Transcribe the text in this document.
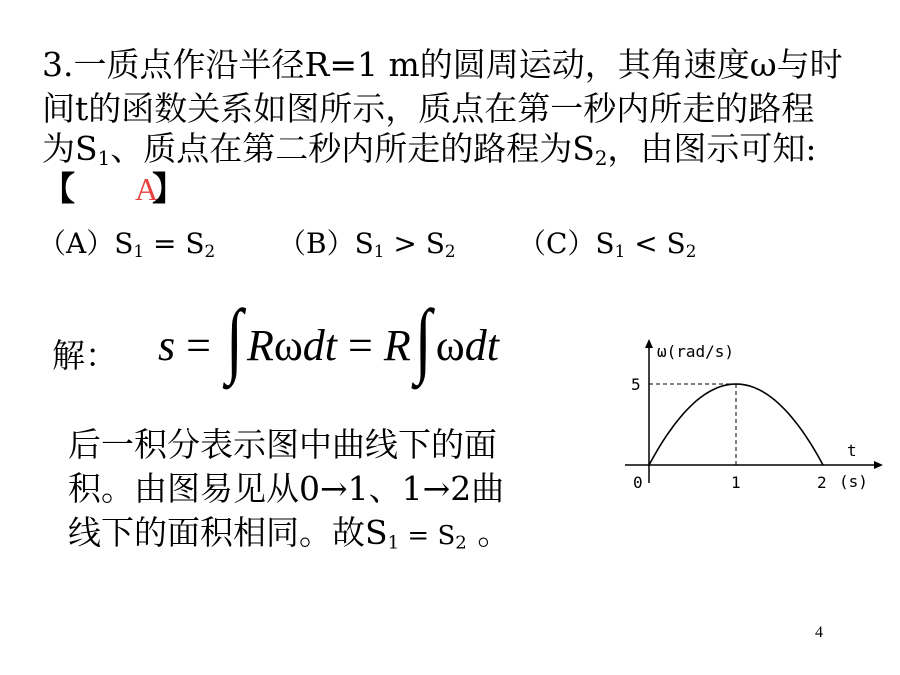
3.一质点作沿半径R=1 m的圆周运动，其角速度ω与时
间t的函数关系如图所示，质点在第一秒内所走的路程
为$S_1$、质点在第二秒内所走的路程为$S_2$，由图示可知:
【 A】
$(A)S_1 = S_2$ $(B)S_1 > S_2$ $(C)S_1 < S_2$
解： s = ∫Rωdt = R∫ωdt
后一积分表示图中曲线下的面
积。由图易见从0→1、1→2曲
线下的面积相同。故$S_1 = S_2$ 。
ω(rad/s)
t
(s)
0
5
1	2
4
